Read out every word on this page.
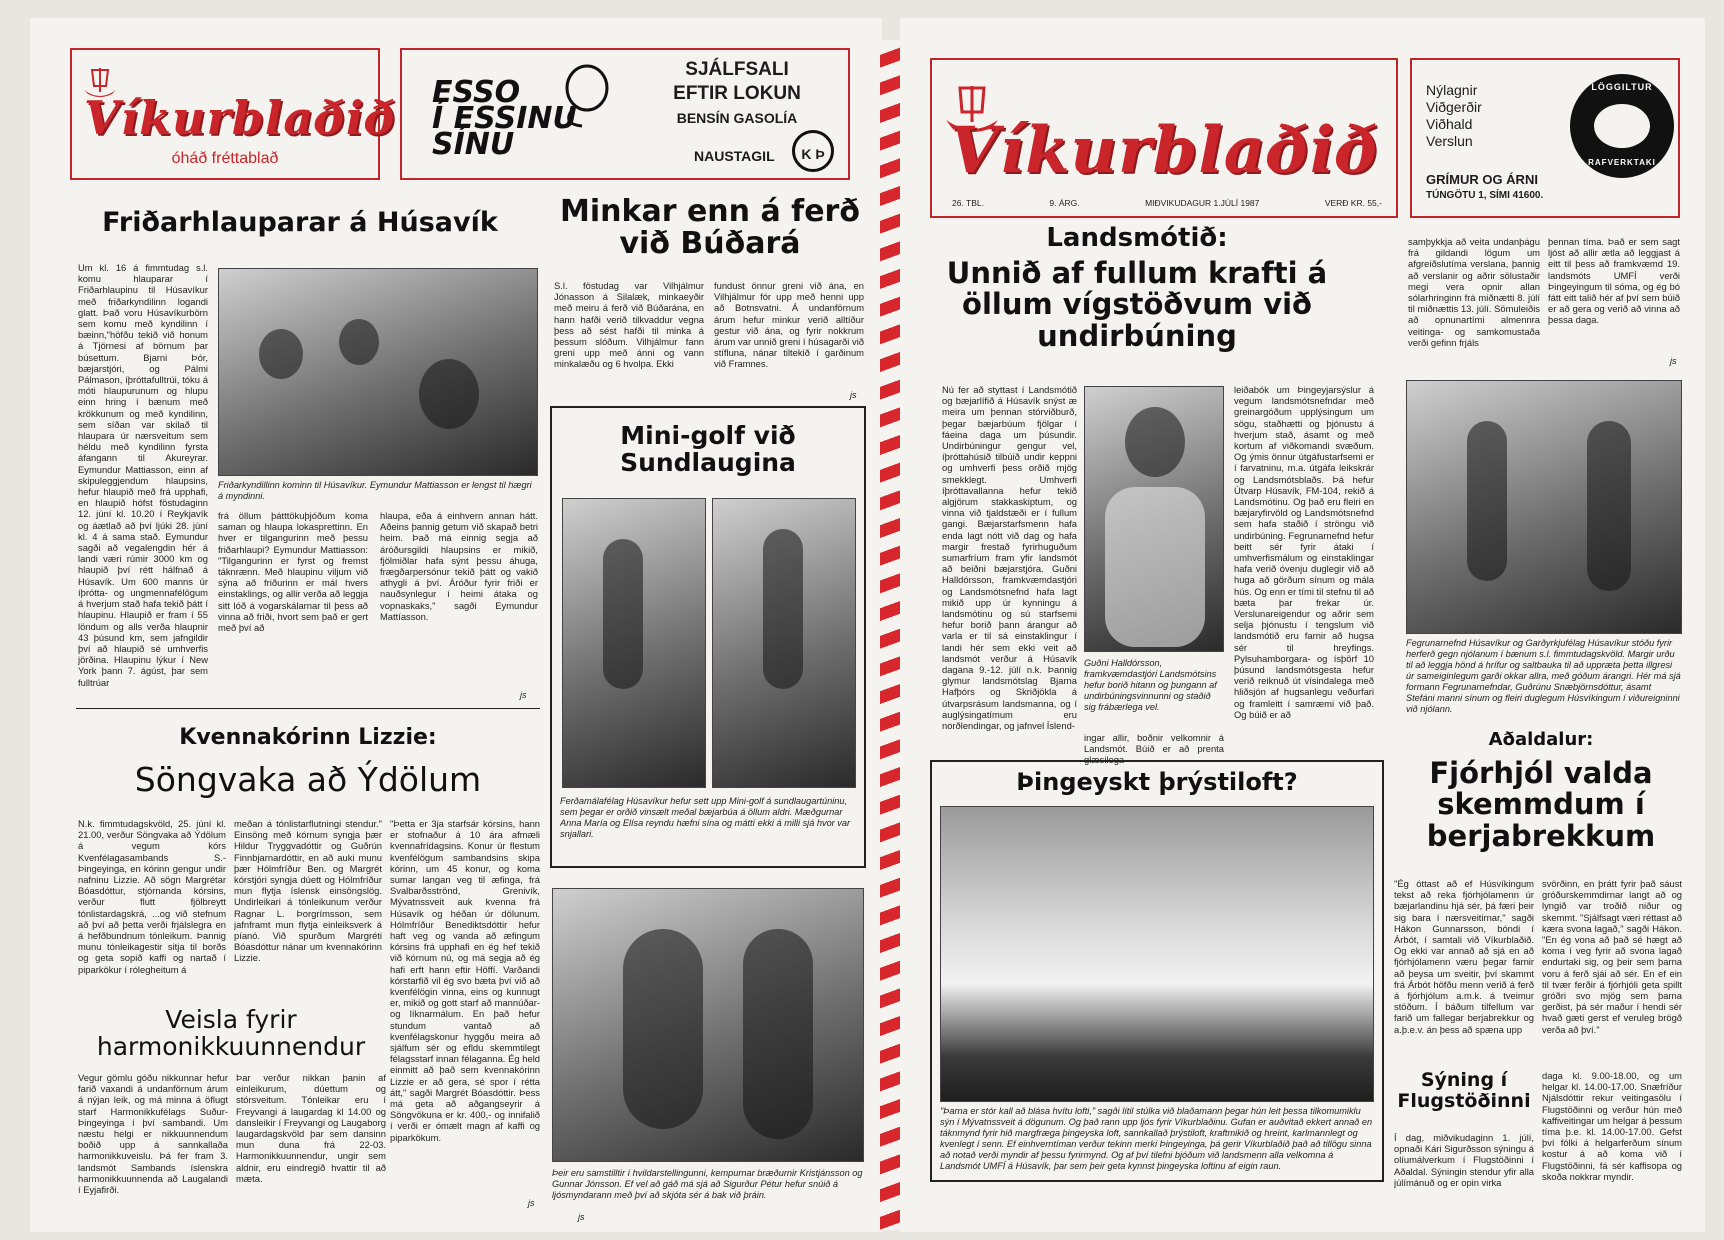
Víkurblaðið
óháð fréttablað
ESSO
Í ESSINU
SÍNU
SJÁLFSALI
EFTIR LOKUN
BENSÍN GASOLÍA
NAUSTAGIL	K Þ
Friðarhlauparar á Húsavík
Um kl. 16 á fimmtudag s.l. komu hlauparar í Friðarhlaupinu til Húsavíkur með friðarkyndilinn logandi glatt. Það voru Húsavíkurbörn sem komu með kyndilinn í bæinn,"höfðu tekið við honum á Tjörnesi af börnum þar búsettum. Bjarni Þór, bæjarstjóri, og Pálmi Pálmason, íþróttafulltrúi, tóku á móti hlaupurunum og hlupu einn hring í bænum með krökkunum og með kyndilinn, sem síðan var skilað til hlaupara úr nærsveitum sem héldu með kyndilinn fyrsta áfangann til Akureyrar. Eymundur Mattiasson, einn af skipuleggjendum hlaupsins, hefur hlaupið með frá upphafi, en hlaupið hófst föstudaginn 12. júní kl. 10.20 í Reykjavík og áætlað að því ljúki 28. júní kl. 4 á sama stað. Eymundur sagði að vegalengdin hér á landi væri rúmir 3000 km og hlaupið því rétt hálfnað á Húsavík. Um 600 manns úr íþrótta- og ungmennafélögum á hverjum stað hafa tekið þátt í hlaupinu. Hlaupið er fram í 55 löndum og alls verða hlaupnir 43 þúsund km, sem jafngildir því að hlaupið sé umhverfis jörðina. Hlaupinu lýkur í New York þann 7. ágúst, þar sem fulltrúar
Friðarkyndillinn kominn til Húsavíkur. Eymundur Mattiasson er lengst til hægri á myndinni.
frá öllum þátttökuþjóðum koma saman og hlaupa lokasprettinn. En hver er tilgangurinn með þessu friðarhlaupi? Eymundur Mattiasson: "Tilgangurinn er fyrst og fremst táknrænn. Með hlaupinu viljum við sýna að friðurinn er mál hvers einstaklings, og allir verða að leggja sitt lóð á vogarskálarnar til þess að vinna að friði, hvort sem það er gert með því að
hlaupa, eða á einhvern annan hátt. Aðeins þannig getum við skapað betri heim. Það má einnig segja að áróðursgildi hlaupsins er mikið, fjölmiðlar hafa sýnt þessu áhuga, frægðarpersónur tekið þátt og vakið athygli á því. Áróður fyrir friði er nauðsynlegur í heimi átaka og vopnaskaks," sagði Eymundur Mattíasson.
js
Kvennakórinn Lizzie:
Söngvaka að Ýdölum
N.k. fimmtudagskvöld, 25. júní kl. 21.00, verður Söngvaka að Ýdölum á vegum kórs Kvenfélagasambands S.-Þingeyinga, en kórinn gengur undir nafninu Lizzie. Að sögn Margrétar Bóasdóttur, stjórnanda kórsins, verður flutt fjölbreytt tónlistardagskrá, ...og við stefnum að því að þetta verði frjálslegra en á hefðbundnum tónleikum. Þannig munu tónleikagestir sitja til borðs og geta sopið kaffi og nartað í piparkökur í rólegheitum á
meðan á tónlistarflutningi stendur." Einsöng með kórnum syngja þær Hildur Tryggvadóttir og Guðrún Finnbjarnardóttir, en að auki munu þær Hólmfríður Ben. og Margrét kórstjóri syngja dúett og Hólmfríður mun flytja íslensk einsöngslög. Undirleikari á tónleikunum verður Ragnar L. Þorgrímsson, sem jafnframt mun flytja einleiksverk á píanó. Við spurðum Margréti Bóasdóttur nánar um kvennakórinn Lizzie.
"Þetta er 3ja starfsár kórsins, hann er stofnaður á 10 ára afmæli kvennafrídagsins. Konur úr flestum kvenfélögum sambandsins skipa kórinn, um 45 konur, og koma sumar langan veg til æfinga, frá Svalbarðsströnd, Grenivík, Mývatnssveit auk kvenna frá Húsavík og héðan úr dölunum. Hólmfríður Benediktsdóttir hefur haft veg og vanda að æfingum kórsins frá upphafi en ég hef tekið við kórnum nú, og má segja að ég hafi erft hann eftir Höffí. Varðandi kórstarfið vil ég svo bæta því við að kvenfélögin vinna, eins og kunnugt er, mikið og gott starf að mannúðar- og líknarmálum. En það hefur stundum vantað að kvenfélagskonur hyggðu meira að sjálfum sér og efldu skemmtilegt félagsstarf innan félaganna. Ég held einmitt að það sem kvennakórinn Lizzie er að gera, sé spor í rétta átt," sagði Margrét Bóasdóttir. Þess má geta að aðgangseyrir á Söngvökuna er kr. 400,- og innifalið í verði er ómælt magn af kaffi og piparkökum.
js
Veisla fyrir harmonikkuunnendur
Vegur gömlu góðu nikkunnar hefur farið vaxandi á undanförnum árum á nýjan leik, og má minna á öflugt starf Harmonikkufélags Suður-Þingeyinga í því sambandi. Um næstu helgi er nikkuunnendum boðið upp á sannkallaða harmonikkuveislu. Þá fer fram 3. landsmót Sambands íslenskra harmonikkuunnenda að Laugalandi í Eyjafirði.
Þar verður nikkan þanin af einleikurum, dúettum og stórsveitum. Tónleikar eru í Freyvangi á laugardag kl 14.00 og dansleikir í Freyvangi og Laugaborg laugardagskvöld þar sem dansinn mun duna frá 22-03. Harmonikkuunnendur, ungir sem aldnir, eru eindregið hvattir til að mæta.
Minkar enn á ferð við Búðará
S.l. föstudag var Vilhjálmur Jónasson á Silalæk, minkaeyðir með meiru á ferð við Búðarána, en hann hafði verið tilkvaddur vegna þess að sést hafði til minka á þessum slóðum. Vilhjálmur fann greni upp með ánni og vann minkalæðu og 6 hvolpa. Ekki
fundust önnur greni við ána, en Vilhjálmur fór upp með henni upp að Botnsvatni. Á undanförnum árum hefur minkur verið alltíður gestur við ána, og fyrir nokkrum árum var unnið greni í húsagarði við stífluna, nánar tiltekið í garðinum við Framnes.
js
Mini-golf við Sundlaugina
Ferðamálafélag Húsavíkur hefur sett upp Mini-golf á sundlaugartúninu, sem þegar er orðið vinsælt meðal bæjarbúa á öllum aldri. Mæðgurnar Anna María og Elísa reyndu hæfni sína og máttí ekki á milli sjá hvor var snjallari.
Þeir eru samstilltir í hvildarstellingunni, kempurnar bræðurnir Kristjánsson og Gunnar Jónsson. Ef vel að gáð má sjá að Sigurður Pétur hefur snúið á ljósmyndarann með því að skjóta sér á bak við þráin.
js
Víkurblaðið
26. TBL.	9. ÁRG.	MIÐVIKUDAGUR 1.JÚLÍ 1987	VERÐ KR. 55,-
Nýlagnir
Viðgerðir
Viðhald
Verslun
GRÍMUR OG ÁRNI
TÚNGÖTU 1, SÍMI 41600.
LÖGGILTUR
RAFVERKTAKI
Landsmótið:
Unnið af fullum krafti á öllum vígstöðvum við undirbúning
Nú fer að styttast í Landsmótið og bæjarlífið á Húsavík snýst æ meira um þennan stórviðburð, þegar bæjarbúum fjölgar í fáeina daga um þúsundir. Undirbúningur gengur vel, íþróttahúsið tilbúið undir keppni og umhverfi þess orðið mjög smekklegt. Umhverfi íþróttavallanna hefur tekið algjörum stakkaskiptum, og vinna við tjaldstæði er í fullum gangi. Bæjarstarfsmenn hafa enda lagt nótt við dag og hafa margir frestað fyrirhuguðum sumarfríum fram yfir landsmót að beiðni bæjarstjóra. Guðni Halldórsson, framkvæmdastjóri og Landsmótsnefnd hafa lagt mikið upp úr kynningu á landsmótinu og sú starfsemi hefur borið þann árangur að varla er til sá einstaklingur í landi hér sem ekki veit að landsmót verður á Húsavík dagana 9.-12. júlí n.k. Þannig glymur landsmótslag Bjarna Hafþórs og Skriðjökla á útvarpsrásum landsmanna, og í auglýsingatímum eru norðlendingar, og jafnvel Íslend-
Guðni Halldórsson, framkvæmdastjóri Landsmótsins hefur borið hitann og þungann af undirbúningsvinnunni og staðið sig frábærlega vel.
ingar allir, boðnir velkomnir á Landsmót. Búið er að prenta glæsilega
leiðabók um Þingeyjarsýslur á vegum landsmótsnefndar með greinargóðum upplýsingum um sögu, staðhætti og þjónustu á hverjum stað, ásamt og með kortum af viðkomandi svæðum. Og ýmis önnur útgáfustarfsemi er í farvatninu, m.a. útgáfa leikskrár og Landsmótsblaðs. Þá hefur Útvarp Húsavík, FM-104, rekið á Landsmótinu. Og það eru fleiri en bæjaryfirvöld og Landsmótsnefnd sem hafa staðið í ströngu við undirbúning. Fegrunarnefnd hefur beitt sér fyrir átaki í umhverfismálum og einstaklingar hafa verið óvenju duglegir við að huga að görðum sínum og mála hús. Og enn er tími til stefnu til að bæta þar frekar úr. Verslunareigendur og aðrir sem selja þjónustu í tengslum við landsmótið eru farnir að hugsa sér til hreyfings. Pylsuhamborgara- og ísþörf 10 þúsund landsmótsgesta hefur verið reiknuð út vísindalega með hliðsjón af hugsanlegu veðurfari og framleitt í samræmi við það. Og búið er að
samþykkja að veita undanþágu frá gildandi lögum um afgreiðslutíma verslana, þannig að verslanir og aðrir sölustaðir megi vera opnir allan sólarhringinn frá miðnætti 8. júlí til miðnættis 13. júlí. Sömuleiðis að opnunartími almennra veitinga- og samkomustaða verði gefinn frjáls
þennan tíma. Það er sem sagt ljóst að allir ætla að leggjast á eitt til þess að framkvæmd 19. landsmóts UMFÍ verði Þingeyingum til sóma, og ég bó fátt eitt talið hér af því sem búið er að gera og verið að vinna að þessa daga.
js
Fegrunarnefnd Húsavíkur og Garðyrkjufélag Húsavíkur stóðu fyrir herferð gegn njólanum í bænum s.l. fimmtudagskvöld. Margir urðu til að leggja hönd á hrífur og saltbauka til að uppræta þetta illgresi úr sameiginlegum garði okkar allra, með góðum árangri. Hér má sjá formann Fegrunarnefndar, Guðrúnu Snæbjörnsdóttur, ásamt Stefáni manni sínum og fleiri duglegum Húsvíkingum í viðureigninni við njólann.
Þingeyskt þrýstiloft?
"Þarna er stór kall að blása hvítu lofti," sagði lítil stúlka við blaðamann þegar hún leit þessa tilkomumiklu sýn í Mývatnssveit á dögunum. Og það rann upp ljós fyrir Víkurblaðinu. Gufan er auðvitað ekkert annað en táknmynd fyrir hið margfræga þingeyska loft, sannkallað þrýstiloft, kraftmikið og hreint, karlmannlegt og kvenlegt í senn. Ef einhverntíman verður tekinn merki Þingeyinga, þá gerir Víkurblaðið það að tillögu sinna að notað verði myndir af þessu fyrirmynd. Og af því tilefni bjóðum við landsmenn alla velkomna á Landsmót UMFÍ á Húsavík, þar sem þeir geta kynnst þingeyska loftinu af eigin raun.
Aðaldalur:
Fjórhjól valda skemmdum í berjabrekkum
"Ég óttast að ef Húsvíkingum tekst að reka fjórhjólamenn úr bæjarlandinu hjá sér, þá færi þeir sig bara í nærsveitirnar," sagði Hákon Gunnarsson, bóndi í Árbót, í samtali við Víkurblaðið. Og ekki var annað að sjá en að fjórhjólamenn væru þegar farnir að þeysa um sveitir, því skammt frá Árbót höfðu menn verið á ferð á fjórhjólum a.m.k. á tveimur stöðum. Í báðum tilfellum var farið um fallegar berjabrekkur og a.þ.e.v. án þess að spæna upp
svörðinn, en þrátt fyrir það sáust gróðurskemmdirnar langt að og lyngið var troðið niður og skemmt. "Sjálfsagt væri réttast að kæra svona lagað," sagði Hákon. "En ég vona að það sé hægt að koma í veg fyrir að svona lagað endurtaki sig, og þeir sem þarna voru á ferð sjái að sér. En ef ein til tvær ferðir á fjórhjóli geta spillt gróðri svo mjög sem þarna gerðist, þá sér maður í hendi sér hvað gæti gerst ef veruleg brögð verða að því."
Sýning í Flugstöðinni
Í dag, miðvikudaginn 1. júlí, opnaði Kári Sigurðsson sýningu á olíumálverkum í Flugstöðinni í Aðaldal. Sýningin stendur yfir alla júlímánuð og er opin virka
daga kl. 9.00-18.00, og um helgar kl. 14.00-17.00. Snæfríður Njálsdóttir rekur veitingasölu í Flugstöðinni og verður hún með kaffiveitingar um helgar á þessum tíma þ.e. kl. 14.00-17.00. Gefst því fólki á helgarferðum sínum kostur á að koma við í Flugstöðinni, fá sér kaffisopa og skoða nokkrar myndir.
